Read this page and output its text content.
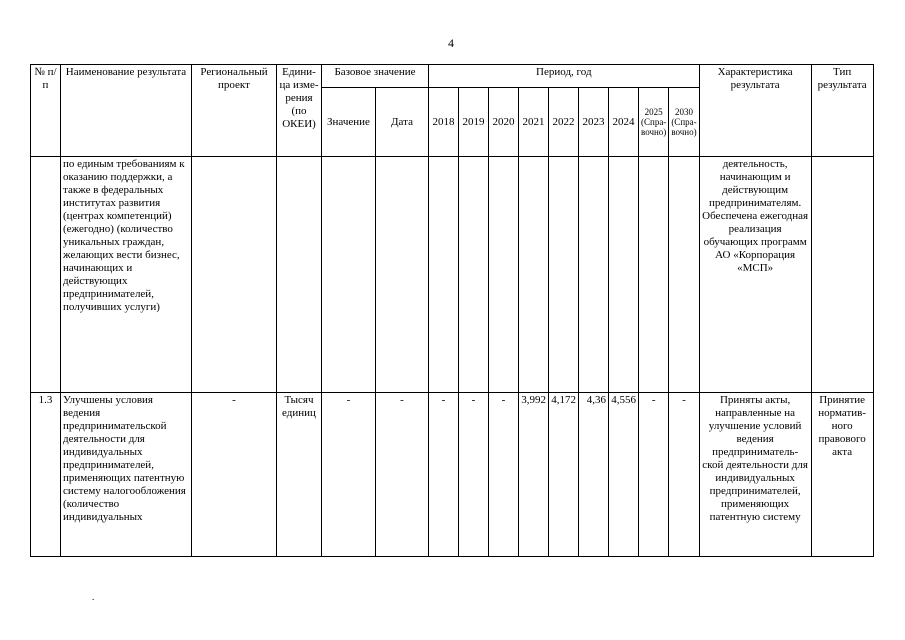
4
№ п/п	Наименование результата	Региональный проект	Едини-ца изме-рения (по ОКЕИ)	Базовое значение		Период, год									Характеристика результата	Тип результата
				Значение	Дата	2018	2019	2020	2021	2022	2023	2024	2025 (Спра-вочно)	2030 (Спра-вочно)		
	по единым требованиям к оказанию поддержки, а также в федеральных институтах развития (центрах компетенций) (ежегодно) (количество уникальных граждан, желающих вести бизнес, начинающих и действующих предпринимателей, получивших услуги)														деятельность, начинающим и действующим предпринимателям. Обеспечена ежегодная реализация обучающих программ АО «Корпорация «МСП»	
1.3	Улучшены условия ведения предпринимательской деятельности для индивидуальных предпринимателей, применяющих патентную систему налогообложения (количество индивидуальных	-	Тысяч единиц	-	-	-	-	-	3,992	4,172	4,36	4,556	-	-	Приняты акты, направленные на улучшение условий ведения предприниматель-ской деятельности для индивидуальных предпринимателей, применяющих патентную систему	Принятие норматив-ного правового акта
.
